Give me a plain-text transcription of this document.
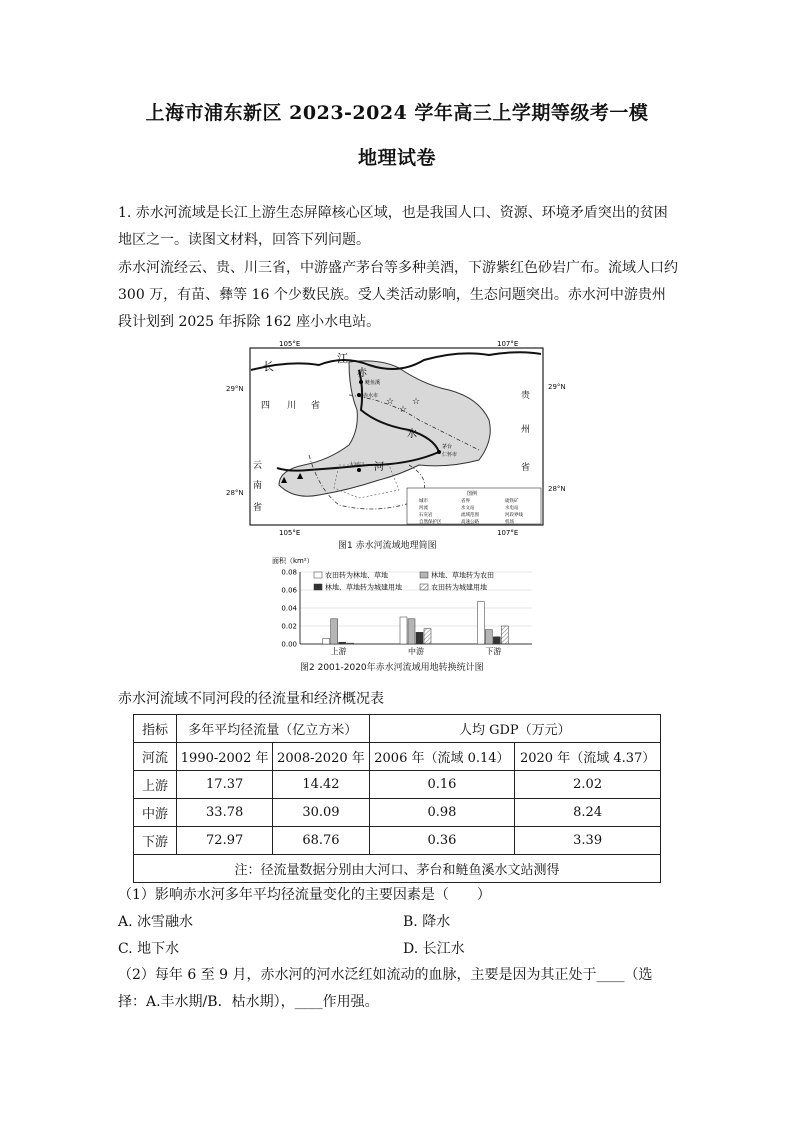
上海市浦东新区 2023-2024 学年高三上学期等级考一模
地理试卷

1. 赤水河流域是长江上游生态屏障核心区域，也是我国人口、资源、环境矛盾突出的贫困地区之一。读图文材料，回答下列问题。

赤水河流经云、贵、川三省，中游盛产茅台等多种美酒，下游紫红色砂岩广布。流域人口约 300 万，有苗、彝等 16 个少数民族。受人类活动影响，生态问题突出。赤水河中游贵州段计划到 2025 年拆除 162 座小水电站。

105°E	107°E
105°E	107°E
☆
☆
☆
▲ ▲
鲢鱼溪
赤水市
茅台
仁怀市
大河口
长
江
赤
水
河
四 川 省
贵
州
省
云
南
省
图例
城市	省界	硫铁矿
河流	水文站	水电站
石灰岩	流域范围	河段界线
自然保护区	高速公路	机场
29°N	29°N
28°N	28°N
图1 赤水河流域地理简图
面积（km²）
0.00
0.02
0.04
0.06
0.08
上游	中游	下游
农田转为林地、草地	林地、草地转为农田
林地、草地转为城建用地	农田转为城建用地
图2 2001-2020年赤水河流域用地转换统计图
赤水河流域不同河段的径流量和经济概况表
指标	多年平均径流量（亿立方米）		人均 GDP（万元）	
河流	1990-2002 年	2008-2020 年	2006 年（流域 0.14）	2020 年（流域 4.37）
上游	17.37	14.42	0.16	2.02
中游	33.78	30.09	0.98	8.24
下游	72.97	68.76	0.36	3.39
注：径流量数据分别由大河口、茅台和鲢鱼溪水文站测得				
（1）影响赤水河多年平均径流量变化的主要因素是（　　）
A. 冰雪融水	B. 降水
C. 地下水	D. 长江水

（2）每年 6 至 9 月，赤水河的河水泛红如流动的血脉，主要是因为其正处于____（选择：A.丰水期/B．枯水期），____作用强。
